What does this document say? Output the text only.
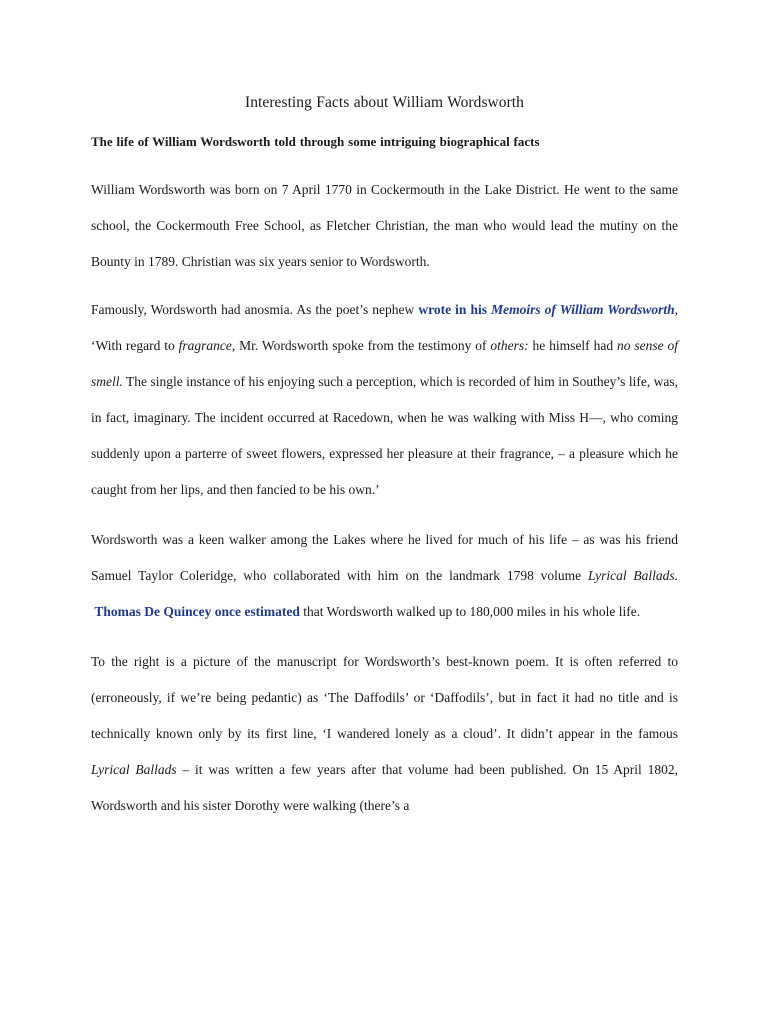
Interesting Facts about William Wordsworth

The life of William Wordsworth told through some intriguing biographical facts

William Wordsworth was born on 7 April 1770 in Cockermouth in the Lake District. He went to the same school, the Cockermouth Free School, as Fletcher Christian, the man who would lead the mutiny on the Bounty in 1789. Christian was six years senior to Wordsworth.

Famously, Wordsworth had anosmia. As the poet’s nephew wrote in his Memoirs of William Wordsworth, ‘With regard to fragrance, Mr. Wordsworth spoke from the testimony of others: he himself had no sense of smell. The single instance of his enjoying such a perception, which is recorded of him in Southey’s life, was, in fact, imaginary. The incident occurred at Racedown, when he was walking with Miss H—, who coming suddenly upon a parterre of sweet flowers, expressed her pleasure at their fragrance, – a pleasure which he caught from her lips, and then fancied to be his own.’

Wordsworth was a keen walker among the Lakes where he lived for much of his life – as was his friend Samuel Taylor Coleridge, who collaborated with him on the landmark 1798 volume Lyrical Ballads. Thomas De Quincey once estimated that Wordsworth walked up to 180,000 miles in his whole life.

To the right is a picture of the manuscript for Wordsworth’s best-known poem. It is often referred to (erroneously, if we’re being pedantic) as ‘The Daffodils’ or ‘Daffodils’, but in fact it had no title and is technically known only by its first line, ‘I wandered lonely as a cloud’. It didn’t appear in the famous Lyrical Ballads – it was written a few years after that volume had been published. On 15 April 1802, Wordsworth and his sister Dorothy were walking (there’s a
